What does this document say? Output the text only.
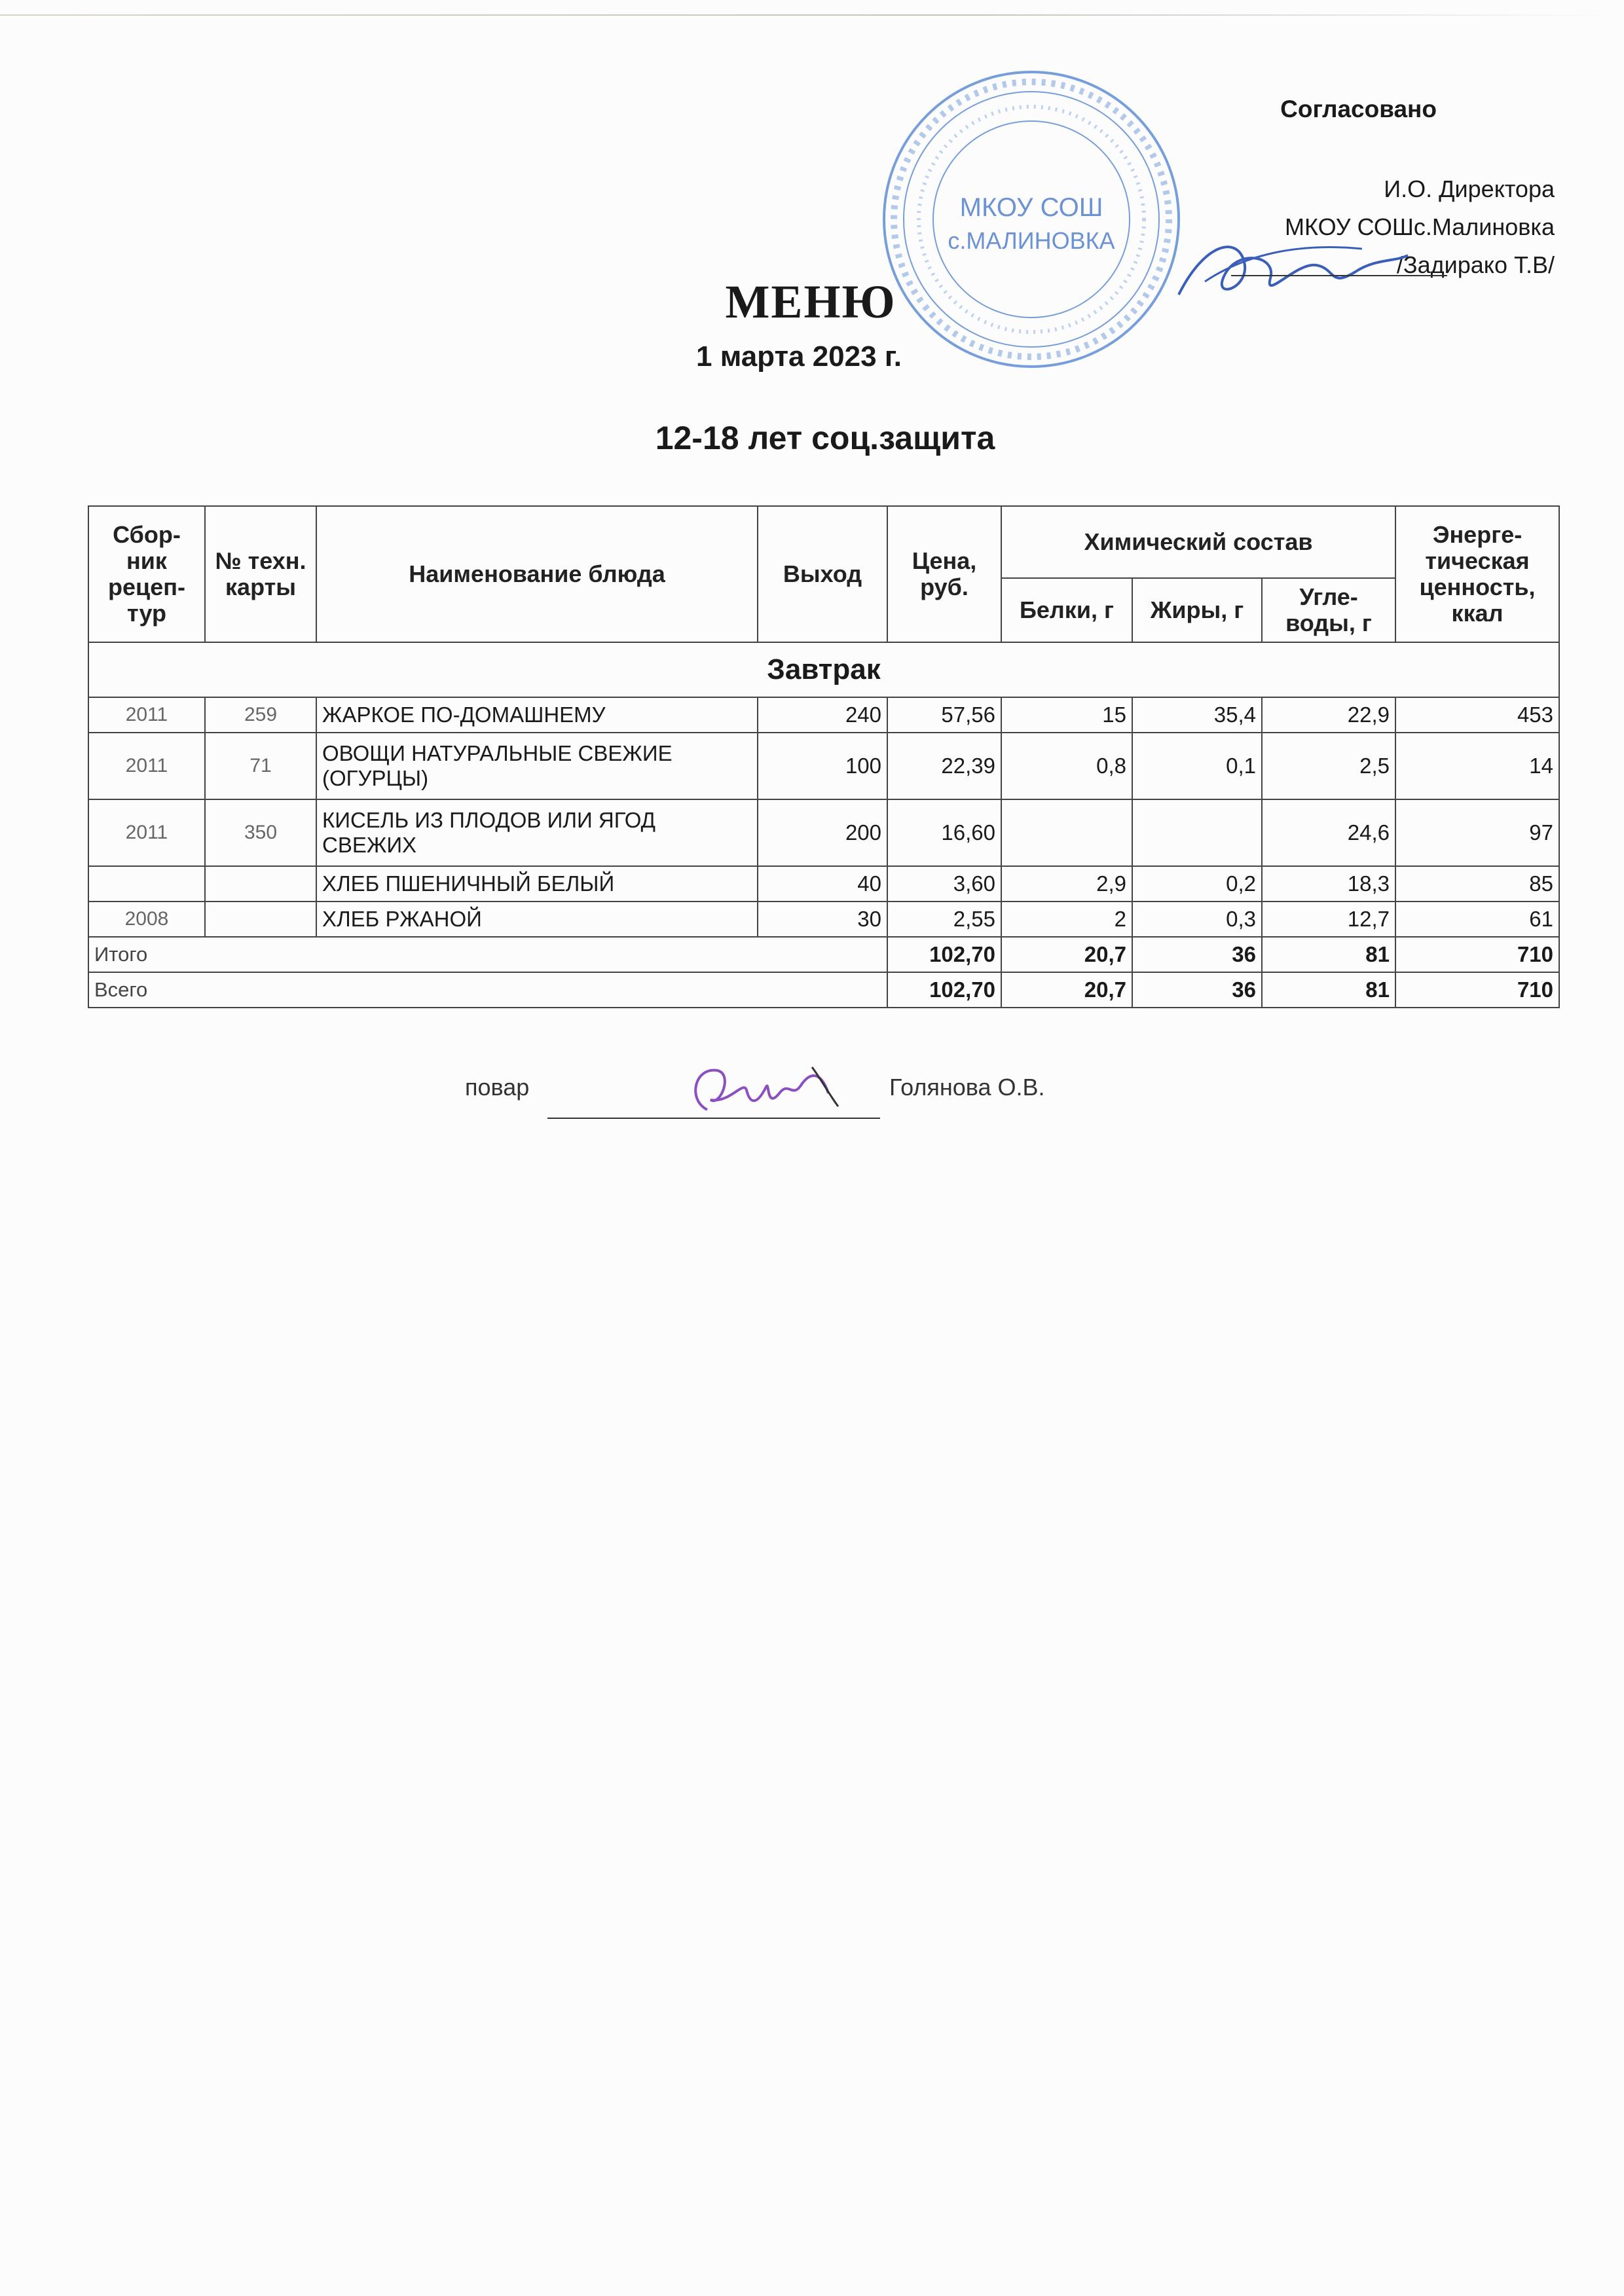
Согласовано
И.О. Директора
МКОУ СОШс.Малиновка
/Задирако Т.В/
МКОУ СОШ
с.МАЛИНОВКА
МЕНЮ
1 марта 2023 г.
12-18 лет соц.защита
Сбор-ник рецеп-тур	№ техн. карты	Наименование блюда	Выход	Цена, руб.	Химический состав			Энерге-тическая ценность, ккал
					Белки, г	Жиры, г	Угле-воды, г	
Завтрак								
2011	259	ЖАРКОЕ ПО-ДОМАШНЕМУ	240	57,56	15	35,4	22,9	453
2011	71	ОВОЩИ НАТУРАЛЬНЫЕ СВЕЖИЕ (ОГУРЦЫ)	100	22,39	0,8	0,1	2,5	14
2011	350	КИСЕЛЬ ИЗ ПЛОДОВ ИЛИ ЯГОД СВЕЖИХ	200	16,60			24,6	97
		ХЛЕБ ПШЕНИЧНЫЙ БЕЛЫЙ	40	3,60	2,9	0,2	18,3	85
2008		ХЛЕБ РЖАНОЙ	30	2,55	2	0,3	12,7	61
Итого				102,70	20,7	36	81	710
Всего				102,70	20,7	36	81	710
повар	Голянова О.В.
